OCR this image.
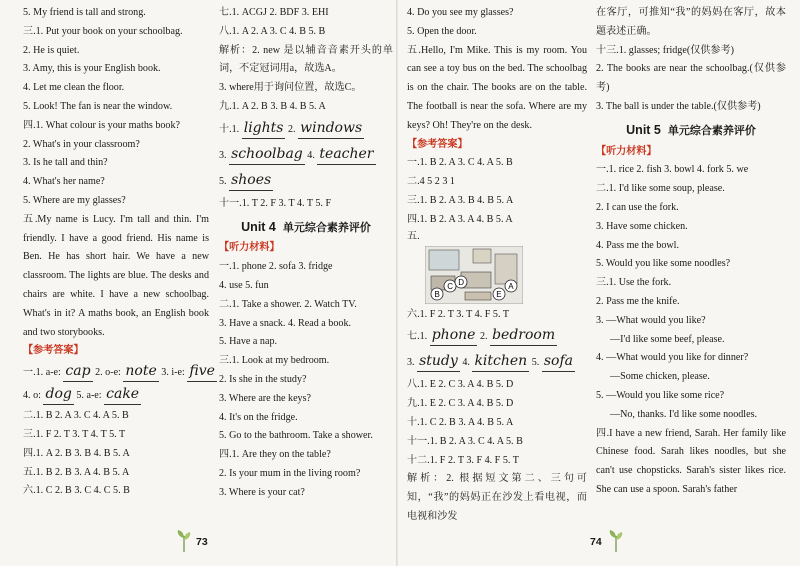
5. My friend is tall and strong.
三.1. Put your book on your schoolbag.
2. He is quiet.
3. Amy, this is your English book.
4. Let me clean the floor.
5. Look! The fan is near the window.
四.1. What colour is your maths book?
2. What's in your classroom?
3. Is he tall and thin?
4. What's her name?
5. Where are my glasses?
五.My name is Lucy. I'm tall and thin. I'm friendly. I have a good friend. His name is Ben. He has short hair. We have a new classroom. The lights are blue. The desks and chairs are white. I have a new schoolbag. What's in it? A maths book, an English book and two storybooks.
【参考答案】
一.1. a-e: cap 2. o-e: note 3. i-e: five
4. o: dog 5. a-e: cake
二.1. B 2. A 3. C 4. A 5. B
三.1. F 2. T 3. T 4. T 5. T
四.1. A 2. B 3. B 4. B 5. A
五.1. B 2. B 3. A 4. B 5. A
六.1. C 2. B 3. C 4. C 5. B
七.1. ACGJ 2. BDF 3. EHI
八.1. A 2. A 3. C 4. B 5. B
解析：2. new 是以辅音音素开头的单词，不定冠词用a，故选A。
3. where用于询问位置，故选C。
九.1. A 2. B 3. B 4. B 5. A
十.1. lights 2. windows
3. schoolbag 4. teacher
5. shoes
十一.1. T 2. F 3. T 4. T 5. F
Unit 4 单元综合素养评价
【听力材料】
一.1. phone 2. sofa 3. fridge
4. use 5. fun
二.1. Take a shower. 2. Watch TV.
3. Have a snack. 4. Read a book.
5. Have a nap.
三.1. Look at my bedroom.
2. Is she in the study?
3. Where are the keys?
4. It's on the fridge.
5. Go to the bathroom. Take a shower.
四.1. Are they on the table?
2. Is your mum in the living room?
3. Where is your cat?
4. Do you see my glasses?
5. Open the door.
五.Hello, I'm Mike. This is my room. You can see a toy bus on the bed. The schoolbag is on the chair. The books are on the table. The football is near the sofa. Where are my keys? Oh! They're on the desk.
【参考答案】
一.1. B 2. A 3. C 4. A 5. B
二.4 5 2 3 1
三.1. B 2. A 3. B 4. B 5. A
四.1. B 2. A 3. A 4. B 5. A
五.
B
C D
E
A
六.1. F 2. T 3. T 4. F 5. T
七.1. phone 2. bedroom
3. study 4. kitchen 5. sofa
八.1. E 2. C 3. A 4. B 5. D
九.1. E 2. C 3. A 4. B 5. D
十.1. C 2. B 3. A 4. B 5. A
十一.1. B 2. A 3. C 4. A 5. B
十二.1. F 2. T 3. F 4. F 5. T
解析：2. 根据短文第二、三句可知，“我”的妈妈正在沙发上看电视，而电视和沙发
在客厅，可推知“我”的妈妈在客厅，故本题表述正确。
十三.1. glasses; fridge(仅供参考)
2. The books are near the schoolbag.(仅供参考)
3. The ball is under the table.(仅供参考)
Unit 5 单元综合素养评价
【听力材料】
一.1. rice 2. fish 3. bowl 4. fork 5. we
二.1. I'd like some soup, please.
2. I can use the fork.
3. Have some chicken.
4. Pass me the bowl.
5. Would you like some noodles?
三.1. Use the fork.
2. Pass me the knife.
3. —What would you like?
—I'd like some beef, please.
4. —What would you like for dinner?
—Some chicken, please.
5. —Would you like some rice?
—No, thanks. I'd like some noodles.
四.I have a new friend, Sarah. Her family like Chinese food. Sarah likes noodles, but she can't use chopsticks. Sarah's sister likes rice. She can use a spoon. Sarah's father
73	74
